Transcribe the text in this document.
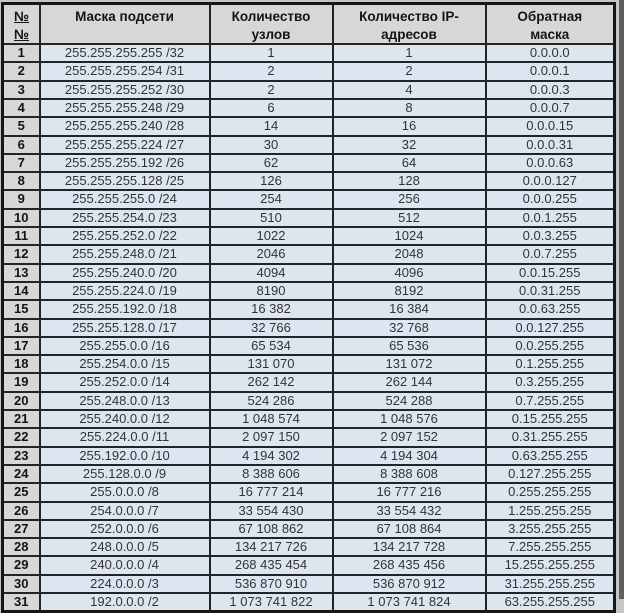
№№	Маска подсети	Количество узлов	Количество IP-адресов	Обратная маска
1	255.255.255.255 /32	1	1	0.0.0.0
2	255.255.255.254 /31	2	2	0.0.0.1
3	255.255.255.252 /30	2	4	0.0.0.3
4	255.255.255.248 /29	6	8	0.0.0.7
5	255.255.255.240 /28	14	16	0.0.0.15
6	255.255.255.224 /27	30	32	0.0.0.31
7	255.255.255.192 /26	62	64	0.0.0.63
8	255.255.255.128 /25	126	128	0.0.0.127
9	255.255.255.0 /24	254	256	0.0.0.255
10	255.255.254.0 /23	510	512	0.0.1.255
11	255.255.252.0 /22	1022	1024	0.0.3.255
12	255.255.248.0 /21	2046	2048	0.0.7.255
13	255.255.240.0 /20	4094	4096	0.0.15.255
14	255.255.224.0 /19	8190	8192	0.0.31.255
15	255.255.192.0 /18	16 382	16 384	0.0.63.255
16	255.255.128.0 /17	32 766	32 768	0.0.127.255
17	255.255.0.0 /16	65 534	65 536	0.0.255.255
18	255.254.0.0 /15	131 070	131 072	0.1.255.255
19	255.252.0.0 /14	262 142	262 144	0.3.255.255
20	255.248.0.0 /13	524 286	524 288	0.7.255.255
21	255.240.0.0 /12	1 048 574	1 048 576	0.15.255.255
22	255.224.0.0 /11	2 097 150	2 097 152	0.31.255.255
23	255.192.0.0 /10	4 194 302	4 194 304	0.63.255.255
24	255.128.0.0 /9	8 388 606	8 388 608	0.127.255.255
25	255.0.0.0 /8	16 777 214	16 777 216	0.255.255.255
26	254.0.0.0 /7	33 554 430	33 554 432	1.255.255.255
27	252.0.0.0 /6	67 108 862	67 108 864	3.255.255.255
28	248.0.0.0 /5	134 217 726	134 217 728	7.255.255.255
29	240.0.0.0 /4	268 435 454	268 435 456	15.255.255.255
30	224.0.0.0 /3	536 870 910	536 870 912	31.255.255.255
31	192.0.0.0 /2	1 073 741 822	1 073 741 824	63.255.255.255
